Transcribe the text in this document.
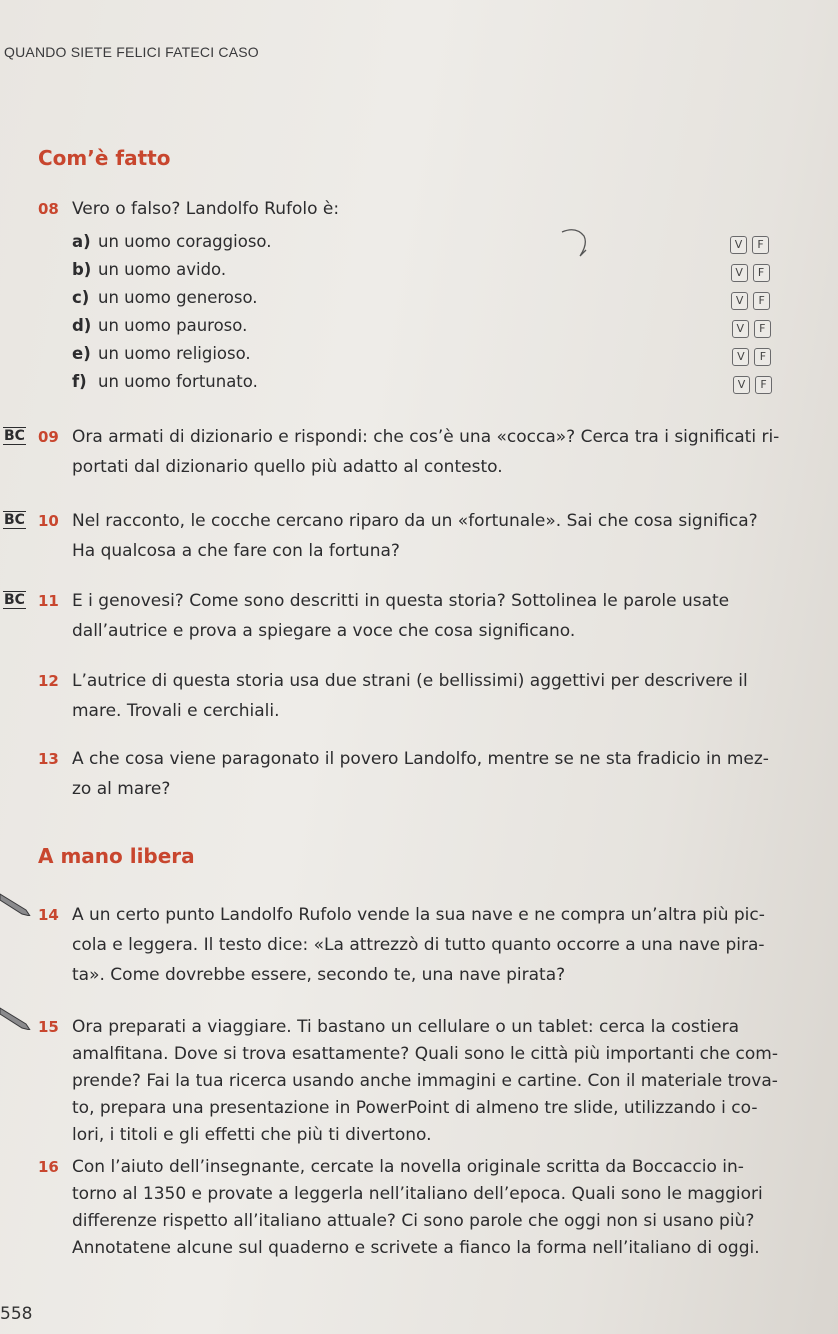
QUANDO SIETE FELICI FATECI CASO
Com’è fatto
08 Vero o falso? Landolfo Rufolo è:
a) un uomo coraggioso.	V	F
b) un uomo avido.	V	F
c) un uomo generoso.	V	F
d) un uomo pauroso.	V	F
e) un uomo religioso.	V	F
f) un uomo fortunato.	V	F
09 Ora armati di dizionario e rispondi: che cos’è una «cocca»? Cerca tra i significati ri-
portati dal dizionario quello più adatto al contesto.
BC
10 Nel racconto, le cocche cercano riparo da un «fortunale». Sai che cosa significa?
Ha qualcosa a che fare con la fortuna?
BC
11 E i genovesi? Come sono descritti in questa storia? Sottolinea le parole usate
dall’autrice e prova a spiegare a voce che cosa significano.
BC
12 L’autrice di questa storia usa due strani (e bellissimi) aggettivi per descrivere il
mare. Trovali e cerchiali.
13 A che cosa viene paragonato il povero Landolfo, mentre se ne sta fradicio in mez-
zo al mare?
14 A un certo punto Landolfo Rufolo vende la sua nave e ne compra un’altra più pic-
cola e leggera. Il testo dice: «La attrezzò di tutto quanto occorre a una nave pira-
ta». Come dovrebbe essere, secondo te, una nave pirata?
15 Ora preparati a viaggiare. Ti bastano un cellulare o un tablet: cerca la costiera
amalfitana. Dove si trova esattamente? Quali sono le città più importanti che com-
prende? Fai la tua ricerca usando anche immagini e cartine. Con il materiale trova-
to, prepara una presentazione in PowerPoint di almeno tre slide, utilizzando i co-
lori, i titoli e gli effetti che più ti divertono.
16 Con l’aiuto dell’insegnante, cercate la novella originale scritta da Boccaccio in-
torno al 1350 e provate a leggerla nell’italiano dell’epoca. Quali sono le maggiori
differenze rispetto all’italiano attuale? Ci sono parole che oggi non si usano più?
Annotatene alcune sul quaderno e scrivete a fianco la forma nell’italiano di oggi.
A mano libera
558
